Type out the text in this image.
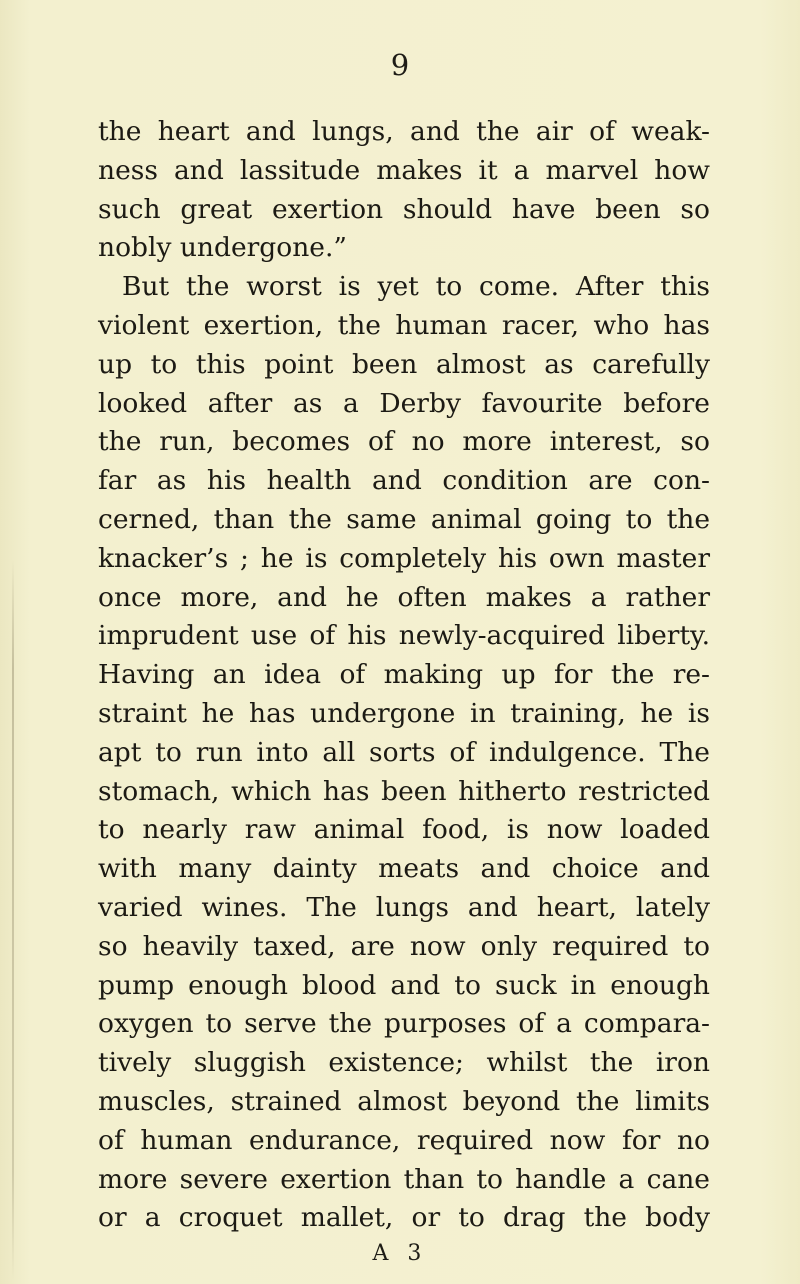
9
the heart and lungs, and the air of weak-
ness and lassitude makes it a marvel how
such great exertion should have been so
nobly undergone.”
But the worst is yet to come. After this
violent exertion, the human racer, who has
up to this point been almost as carefully
looked after as a Derby favourite before
the run, becomes of no more interest, so
far as his health and condition are con-
cerned, than the same animal going to the
knacker’s ; he is completely his own master
once more, and he often makes a rather
imprudent use of his newly-acquired liberty.
Having an idea of making up for the re-
straint he has undergone in training, he is
apt to run into all sorts of indulgence. The
stomach, which has been hitherto restricted
to nearly raw animal food, is now loaded
with many dainty meats and choice and
varied wines. The lungs and heart, lately
so heavily taxed, are now only required to
pump enough blood and to suck in enough
oxygen to serve the purposes of a compara-
tively sluggish existence; whilst the iron
muscles, strained almost beyond the limits
of human endurance, required now for no
more severe exertion than to handle a cane
or a croquet mallet, or to drag the body
A 3
